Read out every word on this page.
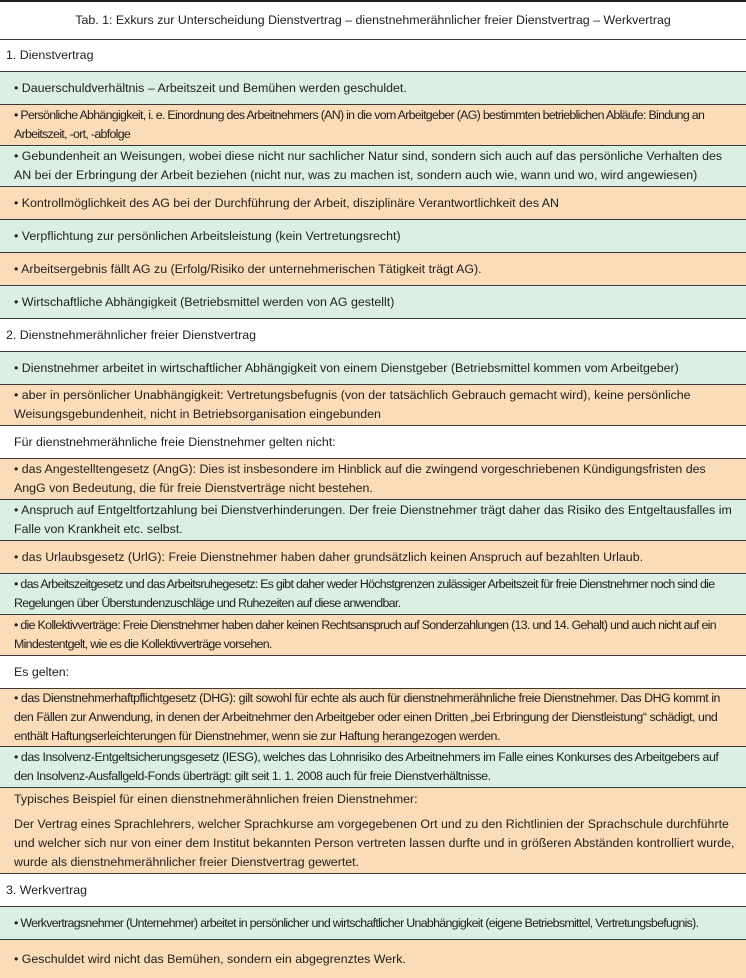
Tab. 1: Exkurs zur Unterscheidung Dienstvertrag – dienstnehmerähnlicher freier Dienstvertrag – Werkvertrag
1. Dienstvertrag
• Dauerschuldverhältnis – Arbeitszeit und Bemühen werden geschuldet.
• Persönliche Abhängigkeit, i. e. Einordnung des Arbeitnehmers (AN) in die vom Arbeitgeber (AG) bestimmten betrieblichen Abläufe: Bindung an Arbeitszeit, -ort, -abfolge
• Gebundenheit an Weisungen, wobei diese nicht nur sachlicher Natur sind, sondern sich auch auf das persönliche Verhalten des AN bei der Erbringung der Arbeit beziehen (nicht nur, was zu machen ist, sondern auch wie, wann und wo, wird angewiesen)
• Kontrollmöglichkeit des AG bei der Durchführung der Arbeit, disziplinäre Verantwortlichkeit des AN
• Verpflichtung zur persönlichen Arbeitsleistung (kein Vertretungsrecht)
• Arbeitsergebnis fällt AG zu (Erfolg/Risiko der unternehmerischen Tätigkeit trägt AG).
• Wirtschaftliche Abhängigkeit (Betriebsmittel werden von AG gestellt)
2. Dienstnehmerähnlicher freier Dienstvertrag
• Dienstnehmer arbeitet in wirtschaftlicher Abhängigkeit von einem Dienstgeber (Betriebsmittel kommen vom Arbeitgeber)
• aber in persönlicher Unabhängigkeit: Vertretungsbefugnis (von der tatsächlich Gebrauch gemacht wird), keine persönliche Weisungsgebundenheit, nicht in Betriebsorganisation eingebunden
Für dienstnehmerähnliche freie Dienstnehmer gelten nicht:
• das Angestelltengesetz (AngG): Dies ist insbesondere im Hinblick auf die zwingend vorgeschriebenen Kündigungsfristen des AngG von Bedeutung, die für freie Dienstverträge nicht bestehen.
• Anspruch auf Entgeltfortzahlung bei Dienstverhinderungen. Der freie Dienstnehmer trägt daher das Risiko des Entgeltausfalles im Falle von Krankheit etc. selbst.
• das Urlaubsgesetz (UrlG): Freie Dienstnehmer haben daher grundsätzlich keinen Anspruch auf bezahlten Urlaub.
• das Arbeitszeitgesetz und das Arbeitsruhegesetz: Es gibt daher weder Höchstgrenzen zulässiger Arbeitszeit für freie Dienstnehmer noch sind die Regelungen über Überstundenzuschläge und Ruhezeiten auf diese anwendbar.
• die Kollektivverträge: Freie Dienstnehmer haben daher keinen Rechtsanspruch auf Sonderzahlungen (13. und 14. Gehalt) und auch nicht auf ein Mindestentgelt, wie es die Kollektivverträge vorsehen.
Es gelten:
• das Dienstnehmerhaftpflichtgesetz (DHG): gilt sowohl für echte als auch für dienstnehmerähnliche freie Dienstnehmer. Das DHG kommt in den Fällen zur Anwendung, in denen der Arbeitnehmer den Arbeitgeber oder einen Dritten „bei Erbringung der Dienstleistung“ schädigt, und enthält Haftungserleichterungen für Dienstnehmer, wenn sie zur Haftung herangezogen werden.
• das Insolvenz-Entgeltsicherungsgesetz (IESG), welches das Lohnrisiko des Arbeitnehmers im Falle eines Konkurses des Arbeitgebers auf den Insolvenz-Ausfallgeld-Fonds überträgt: gilt seit 1. 1. 2008 auch für freie Dienstverhältnisse.
Typisches Beispiel für einen dienstnehmerähnlichen freien Dienstnehmer:
Der Vertrag eines Sprachlehrers, welcher Sprachkurse am vorgegebenen Ort und zu den Richtlinien der Sprachschule durchführte und welcher sich nur von einer dem Institut bekannten Person vertreten lassen durfte und in größeren Abständen kontrolliert wurde, wurde als dienstnehmerähnlicher freier Dienstvertrag gewertet.
3. Werkvertrag
• Werkvertragsnehmer (Unternehmer) arbeitet in persönlicher und wirtschaftlicher Unabhängigkeit (eigene Betriebsmittel, Vertretungsbefugnis).
• Geschuldet wird nicht das Bemühen, sondern ein abgegrenztes Werk.
